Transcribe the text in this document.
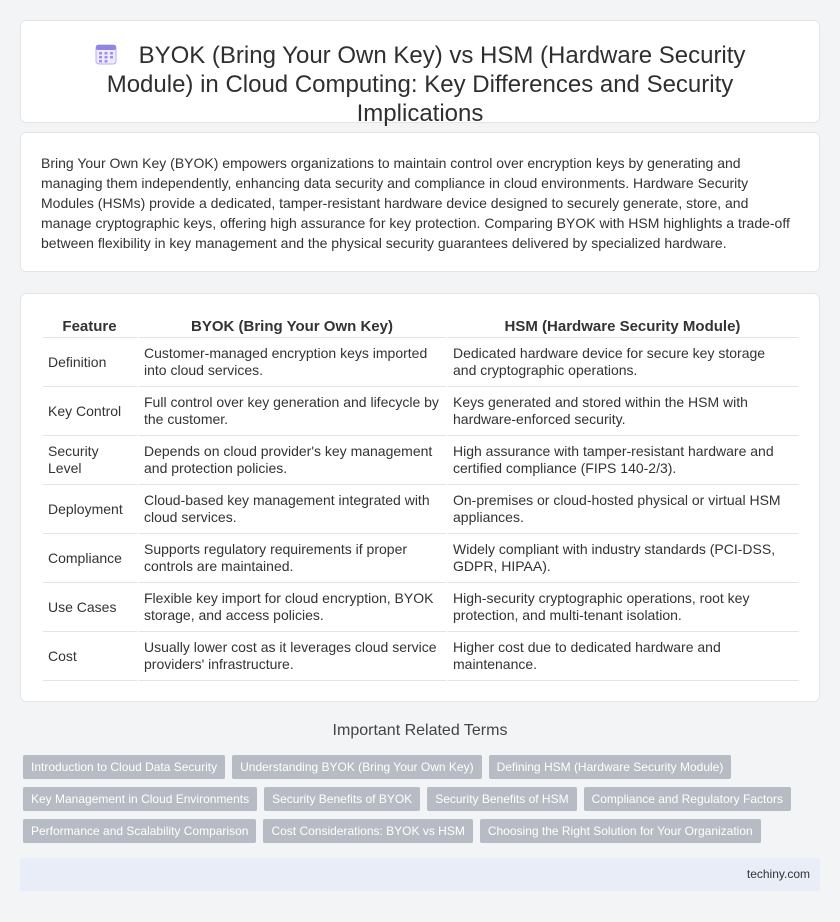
BYOK (Bring Your Own Key) vs HSM (Hardware Security Module) in Cloud Computing: Key Differences and Security Implications

Bring Your Own Key (BYOK) empowers organizations to maintain control over encryption keys by generating and managing them independently, enhancing data security and compliance in cloud environments. Hardware Security Modules (HSMs) provide a dedicated, tamper-resistant hardware device designed to securely generate, store, and manage cryptographic keys, offering high assurance for key protection. Comparing BYOK with HSM highlights a trade-off between flexibility in key management and the physical security guarantees delivered by specialized hardware.

Feature	BYOK (Bring Your Own Key)	HSM (Hardware Security Module)
Definition	Customer-managed encryption keys imported into cloud services.	Dedicated hardware device for secure key storage and cryptographic operations.
Key Control	Full control over key generation and lifecycle by the customer.	Keys generated and stored within the HSM with hardware-enforced security.
Security Level	Depends on cloud provider's key management and protection policies.	High assurance with tamper-resistant hardware and certified compliance (FIPS 140-2/3).
Deployment	Cloud-based key management integrated with cloud services.	On-premises or cloud-hosted physical or virtual HSM appliances.
Compliance	Supports regulatory requirements if proper controls are maintained.	Widely compliant with industry standards (PCI-DSS, GDPR, HIPAA).
Use Cases	Flexible key import for cloud encryption, BYOK storage, and access policies.	High-security cryptographic operations, root key protection, and multi-tenant isolation.
Cost	Usually lower cost as it leverages cloud service providers' infrastructure.	Higher cost due to dedicated hardware and maintenance.
Important Related Terms
Introduction to Cloud Data Security	Understanding BYOK (Bring Your Own Key)	Defining HSM (Hardware Security Module)
Key Management in Cloud Environments	Security Benefits of BYOK	Security Benefits of HSM	Compliance and Regulatory Factors
Performance and Scalability Comparison	Cost Considerations: BYOK vs HSM	Choosing the Right Solution for Your Organization
techiny.com
